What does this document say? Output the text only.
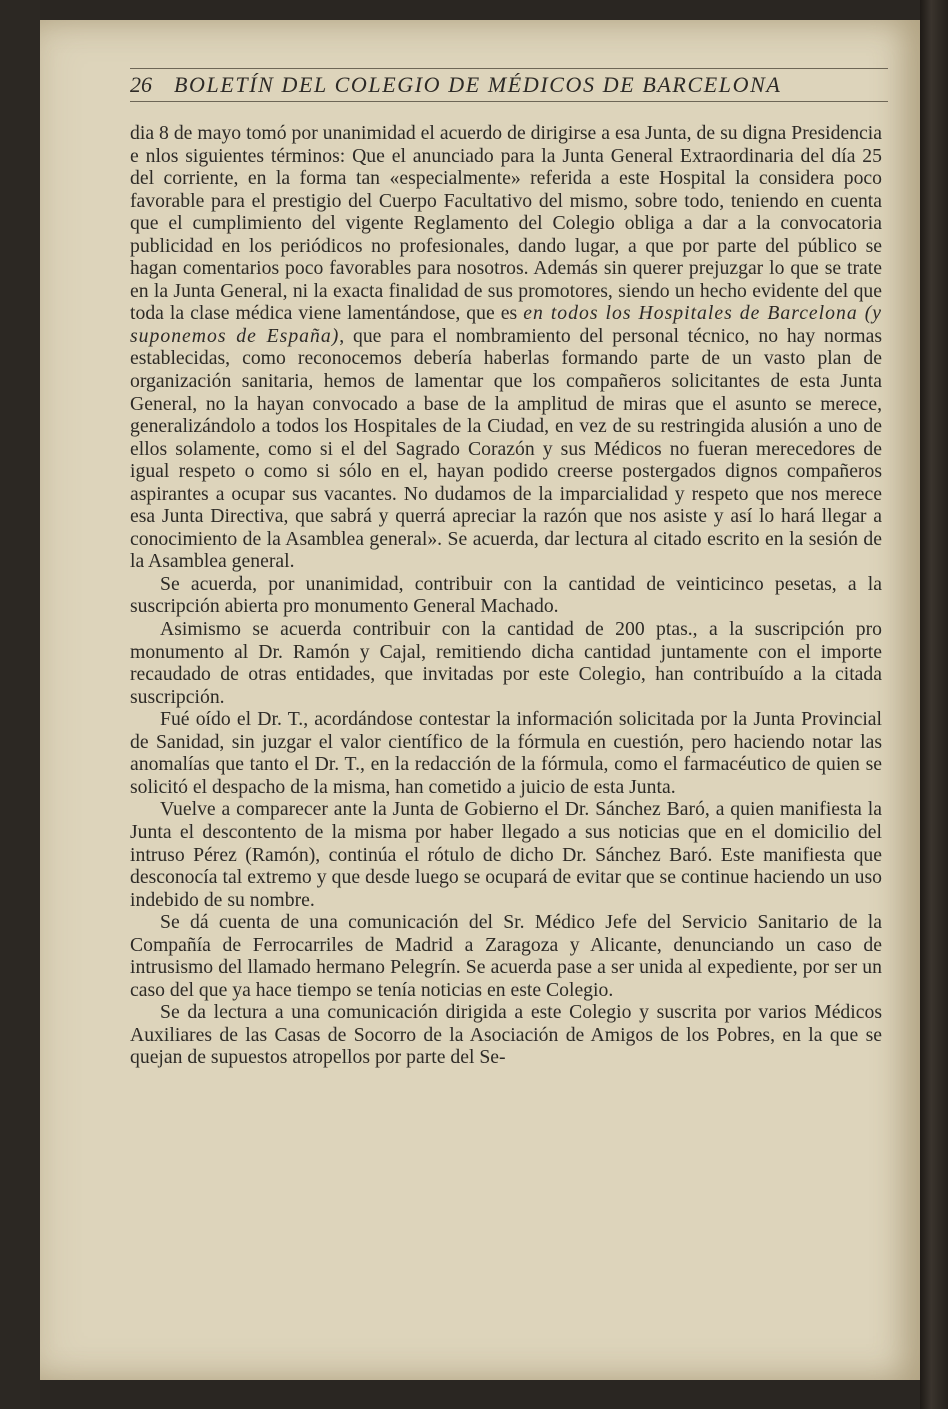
26 BOLETÍN DEL COLEGIO DE MÉDICOS DE BARCELONA

dia 8 de mayo tomó por unanimidad el acuerdo de dirigirse a esa Junta, de su digna Presidencia e nlos siguientes términos: Que el anunciado para la Junta General Extraordinaria del día 25 del corriente, en la forma tan «especialmente» referida a este Hospital la considera poco favorable para el prestigio del Cuerpo Facultativo del mismo, sobre todo, teniendo en cuenta que el cumplimiento del vigente Reglamento del Colegio obliga a dar a la convocatoria publicidad en los periódicos no profesionales, dando lugar, a que por parte del público se hagan comentarios poco favorables para nosotros. Además sin querer prejuzgar lo que se trate en la Junta General, ni la exacta finalidad de sus promotores, siendo un hecho evidente del que toda la clase médica viene lamentándose, que es en todos los Hospitales de Barcelona (y suponemos de España), que para el nombramiento del personal técnico, no hay normas establecidas, como reconocemos debería haberlas formando parte de un vasto plan de organización sanitaria, hemos de lamentar que los compañeros solicitantes de esta Junta General, no la hayan convocado a base de la amplitud de miras que el asunto se merece, generalizándolo a todos los Hospitales de la Ciudad, en vez de su restringida alusión a uno de ellos solamente, como si el del Sagrado Corazón y sus Médicos no fueran merecedores de igual respeto o como si sólo en el, hayan podido creerse postergados dignos compañeros aspirantes a ocupar sus vacantes. No dudamos de la imparcialidad y respeto que nos merece esa Junta Directiva, que sabrá y querrá apreciar la razón que nos asiste y así lo hará llegar a conocimiento de la Asamblea general». Se acuerda, dar lectura al citado escrito en la sesión de la Asamblea general.

Se acuerda, por unanimidad, contribuir con la cantidad de veinticinco pesetas, a la suscripción abierta pro monumento General Machado.

Asimismo se acuerda contribuir con la cantidad de 200 ptas., a la suscripción pro monumento al Dr. Ramón y Cajal, remitiendo dicha cantidad juntamente con el importe recaudado de otras entidades, que invitadas por este Colegio, han contribuído a la citada suscripción.

Fué oído el Dr. T., acordándose contestar la información solicitada por la Junta Provincial de Sanidad, sin juzgar el valor científico de la fórmula en cuestión, pero haciendo notar las anomalías que tanto el Dr. T., en la redacción de la fórmula, como el farmacéutico de quien se solicitó el despacho de la misma, han cometido a juicio de esta Junta.

Vuelve a comparecer ante la Junta de Gobierno el Dr. Sánchez Baró, a quien manifiesta la Junta el descontento de la misma por haber llegado a sus noticias que en el domicilio del intruso Pérez (Ramón), continúa el rótulo de dicho Dr. Sánchez Baró. Este manifiesta que desconocía tal extremo y que desde luego se ocupará de evitar que se continue haciendo un uso indebido de su nombre.

Se dá cuenta de una comunicación del Sr. Médico Jefe del Servicio Sanitario de la Compañía de Ferrocarriles de Madrid a Zaragoza y Alicante, denunciando un caso de intrusismo del llamado hermano Pelegrín. Se acuerda pase a ser unida al expediente, por ser un caso del que ya hace tiempo se tenía noticias en este Colegio.

Se da lectura a una comunicación dirigida a este Colegio y suscrita por varios Médicos Auxiliares de las Casas de Socorro de la Asociación de Amigos de los Pobres, en la que se quejan de supuestos atropellos por parte del Se-
